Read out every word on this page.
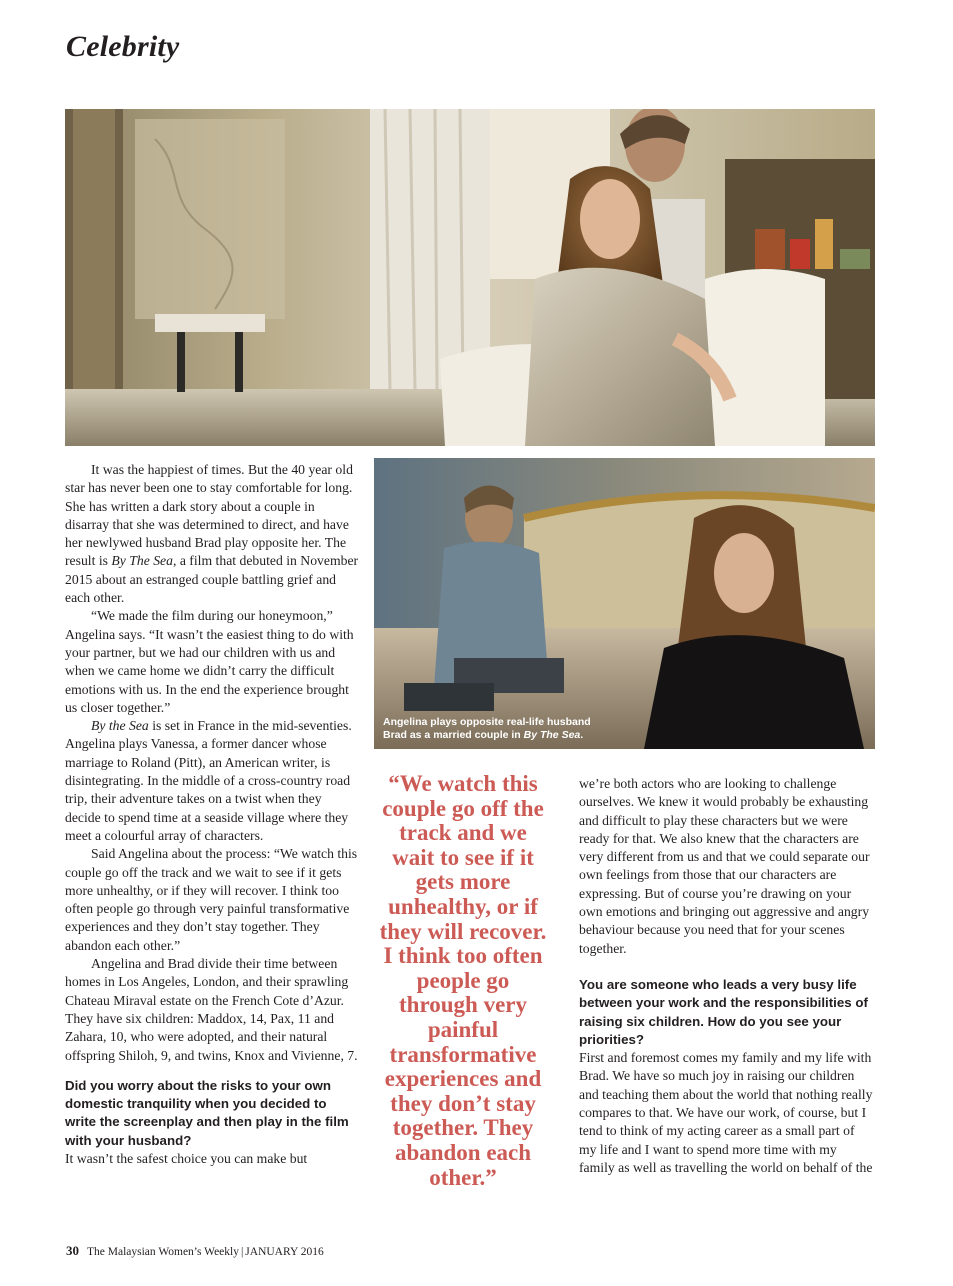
Celebrity
Angelina plays opposite real-life husband
Brad as a married couple in By The Sea.

It was the happiest of times. But the 40 year old star has never been one to stay comfortable for long. She has written a dark story about a couple in disarray that she was determined to direct, and have her newlywed husband Brad play opposite her. The result is By The Sea, a film that debuted in November 2015 about an estranged couple battling grief and each other.

“We made the film during our honeymoon,” Angelina says. “It wasn’t the easiest thing to do with your partner, but we had our children with us and when we came home we didn’t carry the difficult emotions with us. In the end the experience brought us closer together.”

By the Sea is set in France in the mid-seventies. Angelina plays Vanessa, a former dancer whose marriage to Roland (Pitt), an American writer, is disintegrating. In the middle of a cross-country road trip, their adventure takes on a twist when they decide to spend time at a seaside village where they meet a colourful array of characters.

Said Angelina about the process: “We watch this couple go off the track and we wait to see if it gets more unhealthy, or if they will recover. I think too often people go through very painful transformative experiences and they don’t stay together. They abandon each other.”

Angelina and Brad divide their time between homes in Los Angeles, London, and their sprawling Chateau Miraval estate on the French Cote d’Azur. They have six children: Maddox, 14, Pax, 11 and Zahara, 10, who were adopted, and their natural offspring Shiloh, 9, and twins, Knox and Vivienne, 7.

Did you worry about the risks to your own domestic tranquility when you decided to write the screenplay and then play in the film with your husband?

It wasn’t the safest choice you can make but

“We watch this couple go off the track and we wait to see if it gets more unhealthy, or if they will recover. I think too often people go through very painful transformative experiences and they don’t stay together. They abandon each other.”

we’re both actors who are looking to challenge ourselves. We knew it would probably be exhausting and difficult to play these characters but we were ready for that. We also knew that the characters are very different from us and that we could separate our own feelings from those that our characters are expressing. But of course you’re drawing on your own emotions and bringing out aggressive and angry behaviour because you need that for your scenes together.

You are someone who leads a very busy life between your work and the responsibilities of raising six children. How do you see your priorities?

First and foremost comes my family and my life with Brad. We have so much joy in raising our children and teaching them about the world that nothing really compares to that. We have our work, of course, but I tend to think of my acting career as a small part of my life and I want to spend more time with my family as well as travelling the world on behalf of the

30 The Malaysian Women’s Weekly | JANUARY 2016
